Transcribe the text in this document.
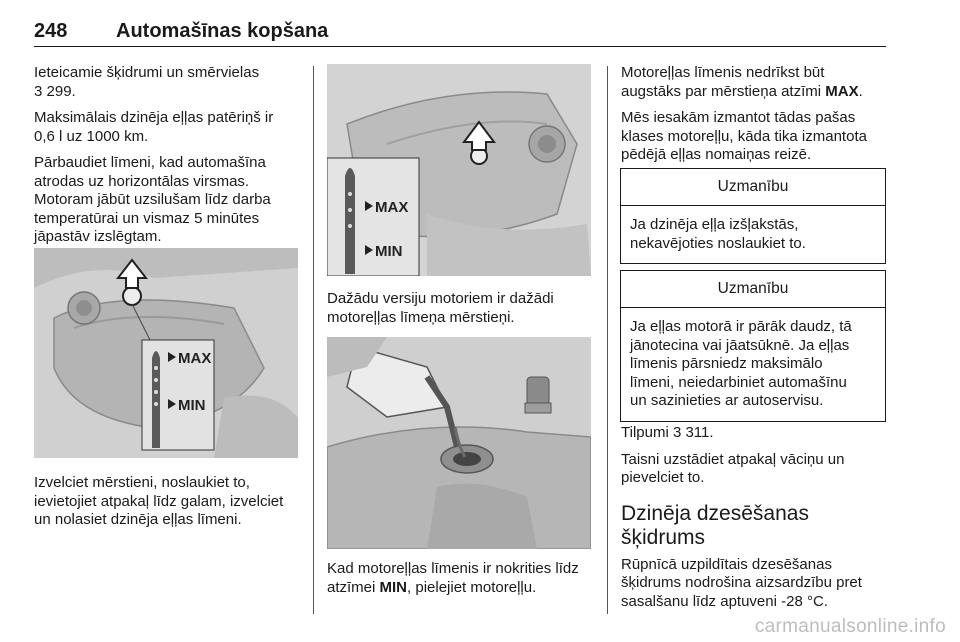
248 Automašīnas kopšana

Ieteicamie šķidrumi un smērvielas
3 299.

Maksimālais dzinēja eļļas patēriņš ir
0,6 l uz 1000 km.

Pārbaudiet līmeni, kad automašīna
atrodas uz horizontālas virsmas.
Motoram jābūt uzsilušam līdz darba
temperatūrai un vismaz 5 minūtes
jāpastāv izslēgtam.

MAX
MIN

Izvelciet mērstieni, noslaukiet to,
ievietojiet atpakaļ līdz galam, izvelciet
un nolasiet dzinēja eļļas līmeni.

MAX
MIN

Dažādu versiju motoriem ir dažādi
motoreļļas līmeņa mērstieņi.

Kad motoreļļas līmenis ir nokrities līdz
atzīmei MIN, pielejiet motoreļļu.

Motoreļļas līmenis nedrīkst būt
augstāks par mērstieņa atzīmi MAX.

Mēs iesakām izmantot tādas pašas
klases motoreļļu, kāda tika izmantota
pēdējā eļļas nomaiņas reizē.

Uzmanību
Ja dzinēja eļļa izšļakstās,
nekavējoties noslaukiet to.
Uzmanību
Ja eļļas motorā ir pārāk daudz, tā
jānotecina vai jāatsūknē. Ja eļļas
līmenis pārsniedz maksimālo
līmeni, neiedarbiniet automašīnu
un sazinieties ar autoservisu.

Tilpumi 3 311.

Taisni uzstādiet atpakaļ vāciņu un
pievelciet to.

Dzinēja dzesēšanas
šķidrums

Rūpnīcā uzpildītais dzesēšanas
šķidrums nodrošina aizsardzību pret
sasalšanu līdz aptuveni -28 °C.

carmanualsonline.info
